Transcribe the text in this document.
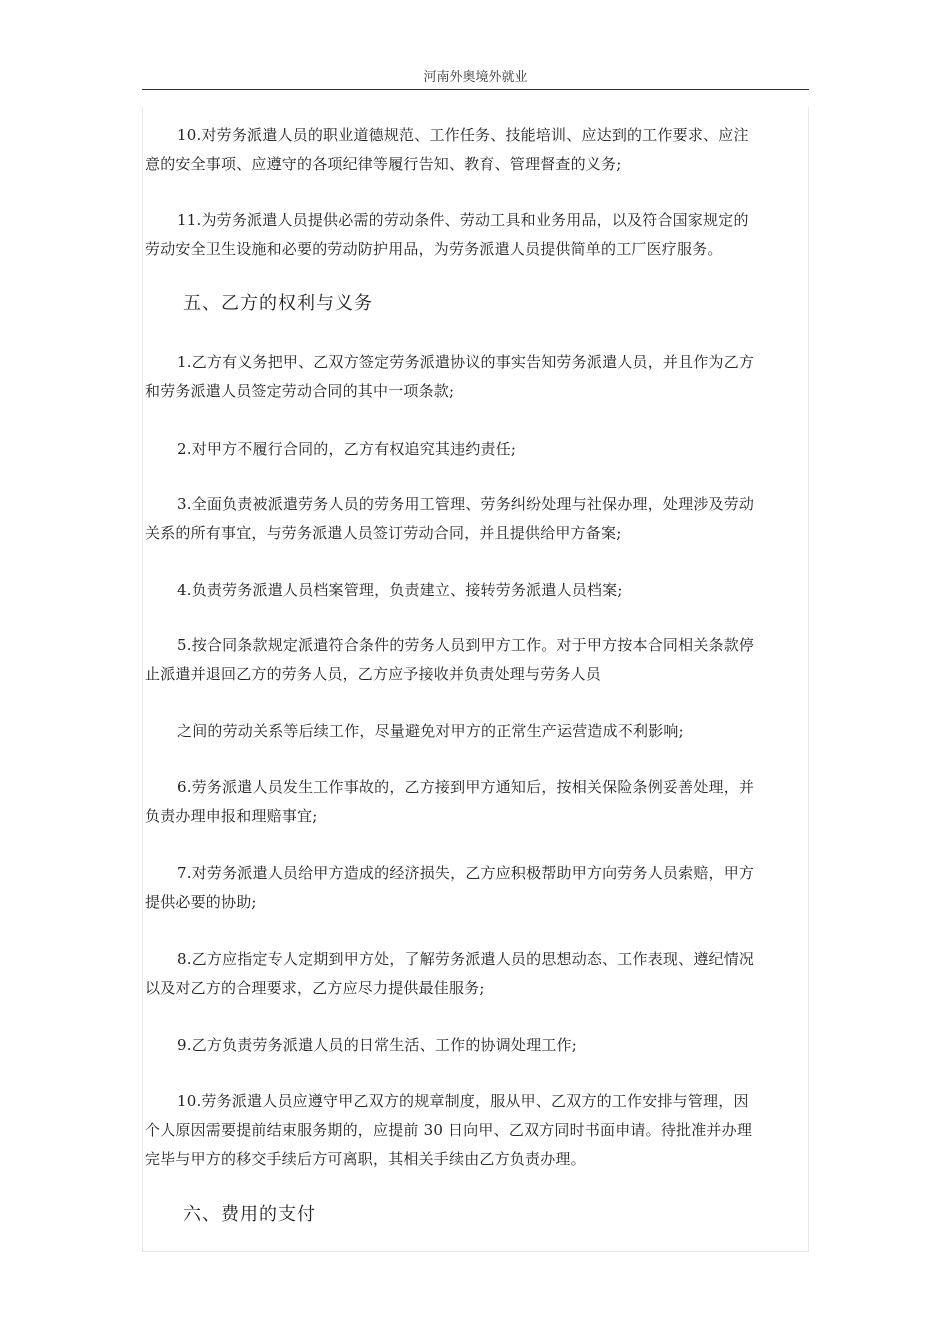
河南外奥境外就业

10.对劳务派遣人员的职业道德规范、工作任务、技能培训、应达到的工作要求、应注
意的安全事项、应遵守的各项纪律等履行告知、教育、管理督查的义务;

11.为劳务派遣人员提供必需的劳动条件、劳动工具和业务用品，以及符合国家规定的
劳动安全卫生设施和必要的劳动防护用品，为劳务派遣人员提供简单的工厂医疗服务。

五、乙方的权利与义务

1.乙方有义务把甲、乙双方签定劳务派遣协议的事实告知劳务派遣人员，并且作为乙方
和劳务派遣人员签定劳动合同的其中一项条款;

2.对甲方不履行合同的，乙方有权追究其违约责任;

3.全面负责被派遣劳务人员的劳务用工管理、劳务纠纷处理与社保办理，处理涉及劳动
关系的所有事宜，与劳务派遣人员签订劳动合同，并且提供给甲方备案;

4.负责劳务派遣人员档案管理，负责建立、接转劳务派遣人员档案;

5.按合同条款规定派遣符合条件的劳务人员到甲方工作。对于甲方按本合同相关条款停
止派遣并退回乙方的劳务人员，乙方应予接收并负责处理与劳务人员

之间的劳动关系等后续工作，尽量避免对甲方的正常生产运营造成不利影响;

6.劳务派遣人员发生工作事故的，乙方接到甲方通知后，按相关保险条例妥善处理，并
负责办理申报和理赔事宜;

7.对劳务派遣人员给甲方造成的经济损失，乙方应积极帮助甲方向劳务人员索赔，甲方
提供必要的协助;

8.乙方应指定专人定期到甲方处，了解劳务派遣人员的思想动态、工作表现、遵纪情况
以及对乙方的合理要求，乙方应尽力提供最佳服务;

9.乙方负责劳务派遣人员的日常生活、工作的协调处理工作;

10.劳务派遣人员应遵守甲乙双方的规章制度，服从甲、乙双方的工作安排与管理，因
个人原因需要提前结束服务期的，应提前 30 日向甲、乙双方同时书面申请。待批准并办理
完毕与甲方的移交手续后方可离职，其相关手续由乙方负责办理。

六、费用的支付
